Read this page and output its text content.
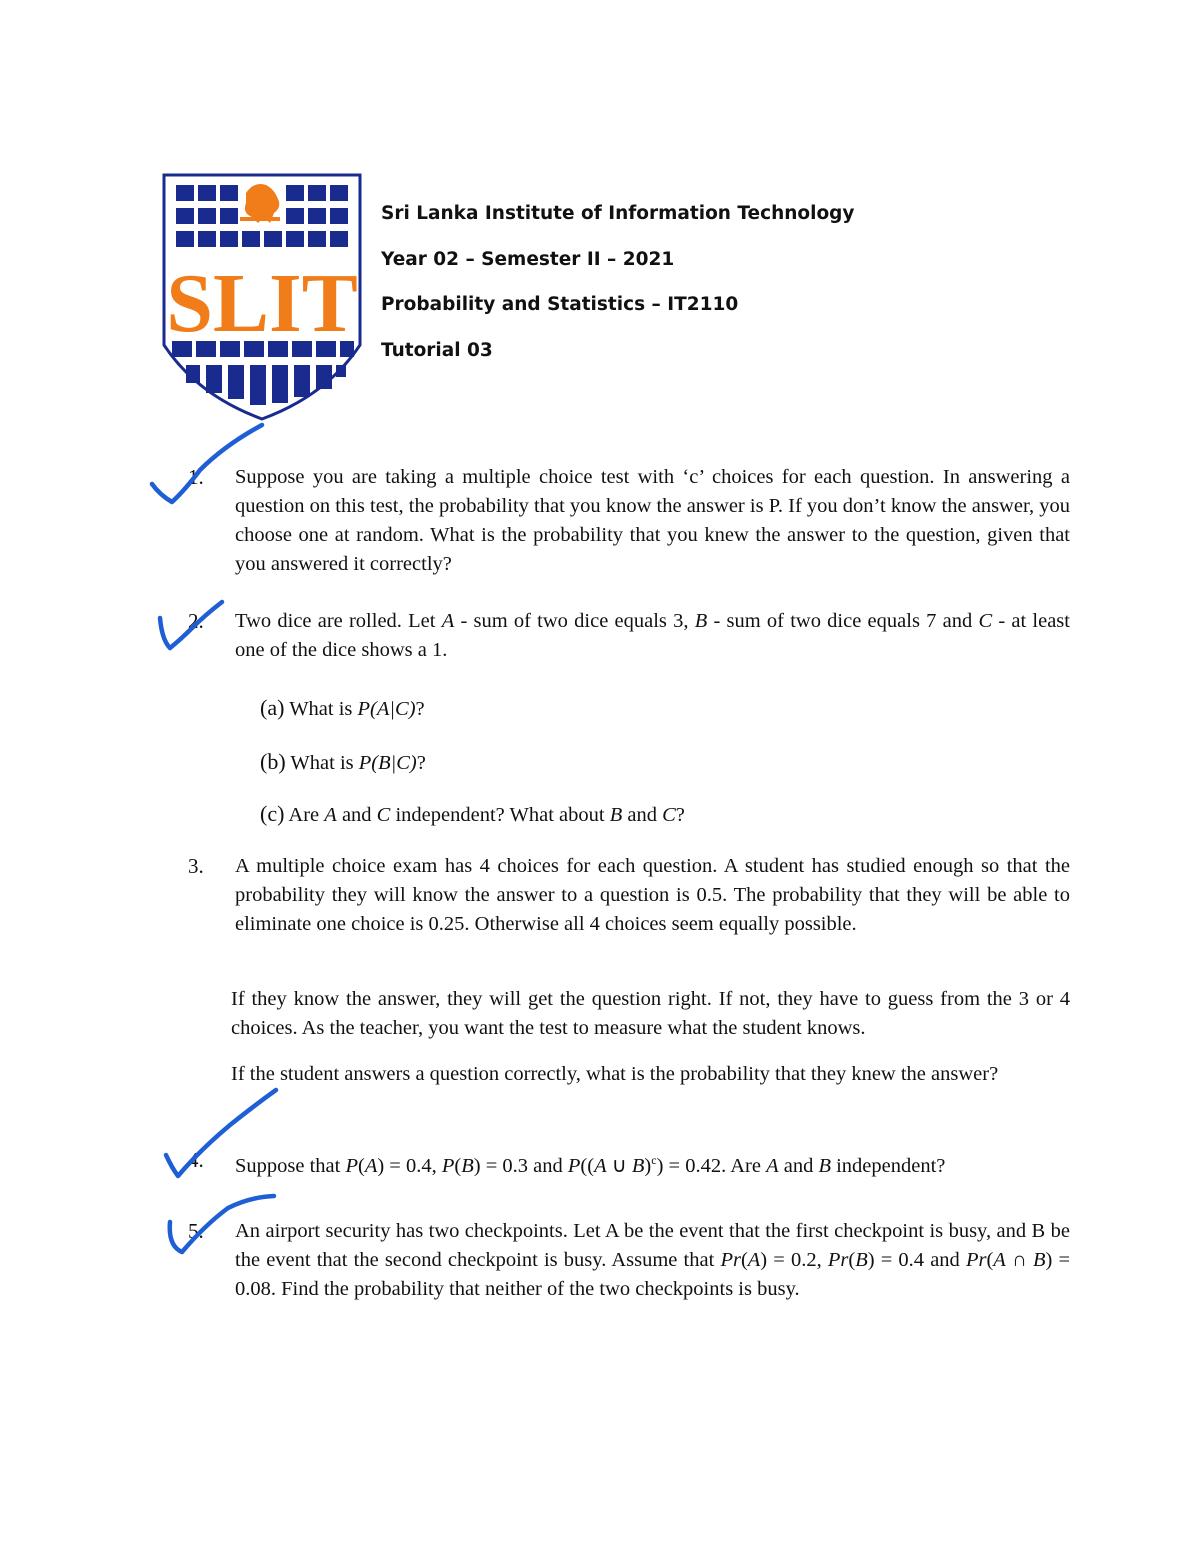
SLIT
Sri Lanka Institute of Information Technology
Year 02 – Semester II – 2021
Probability and Statistics – IT2110
Tutorial 03
1. Suppose you are taking a multiple choice test with ‘c’ choices for each question. In answering a question on this test, the probability that you know the answer is P. If you don’t know the answer, you choose one at random. What is the probability that you knew the answer to the question, given that you answered it correctly?
2. Two dice are rolled. Let A - sum of two dice equals 3, B - sum of two dice equals 7 and C - at least one of the dice shows a 1.
(a) What is P(A|C)?
(b) What is P(B|C)?
(c) Are A and C independent? What about B and C?
3. A multiple choice exam has 4 choices for each question. A student has studied enough so that the probability they will know the answer to a question is 0.5. The probability that they will be able to eliminate one choice is 0.25. Otherwise all 4 choices seem equally possible.
If they know the answer, they will get the question right. If not, they have to guess from the 3 or 4 choices. As the teacher, you want the test to measure what the student knows.
If the student answers a question correctly, what is the probability that they knew the answer?
4. Suppose that P(A) = 0.4, P(B) = 0.3 and P((A ∪ B)$^c$) = 0.42. Are A and B independent?
5. An airport security has two checkpoints. Let A be the event that the first checkpoint is busy, and B be the event that the second checkpoint is busy. Assume that Pr(A) = 0.2, Pr(B) = 0.4 and Pr(A ∩ B) = 0.08. Find the probability that neither of the two checkpoints is busy.
